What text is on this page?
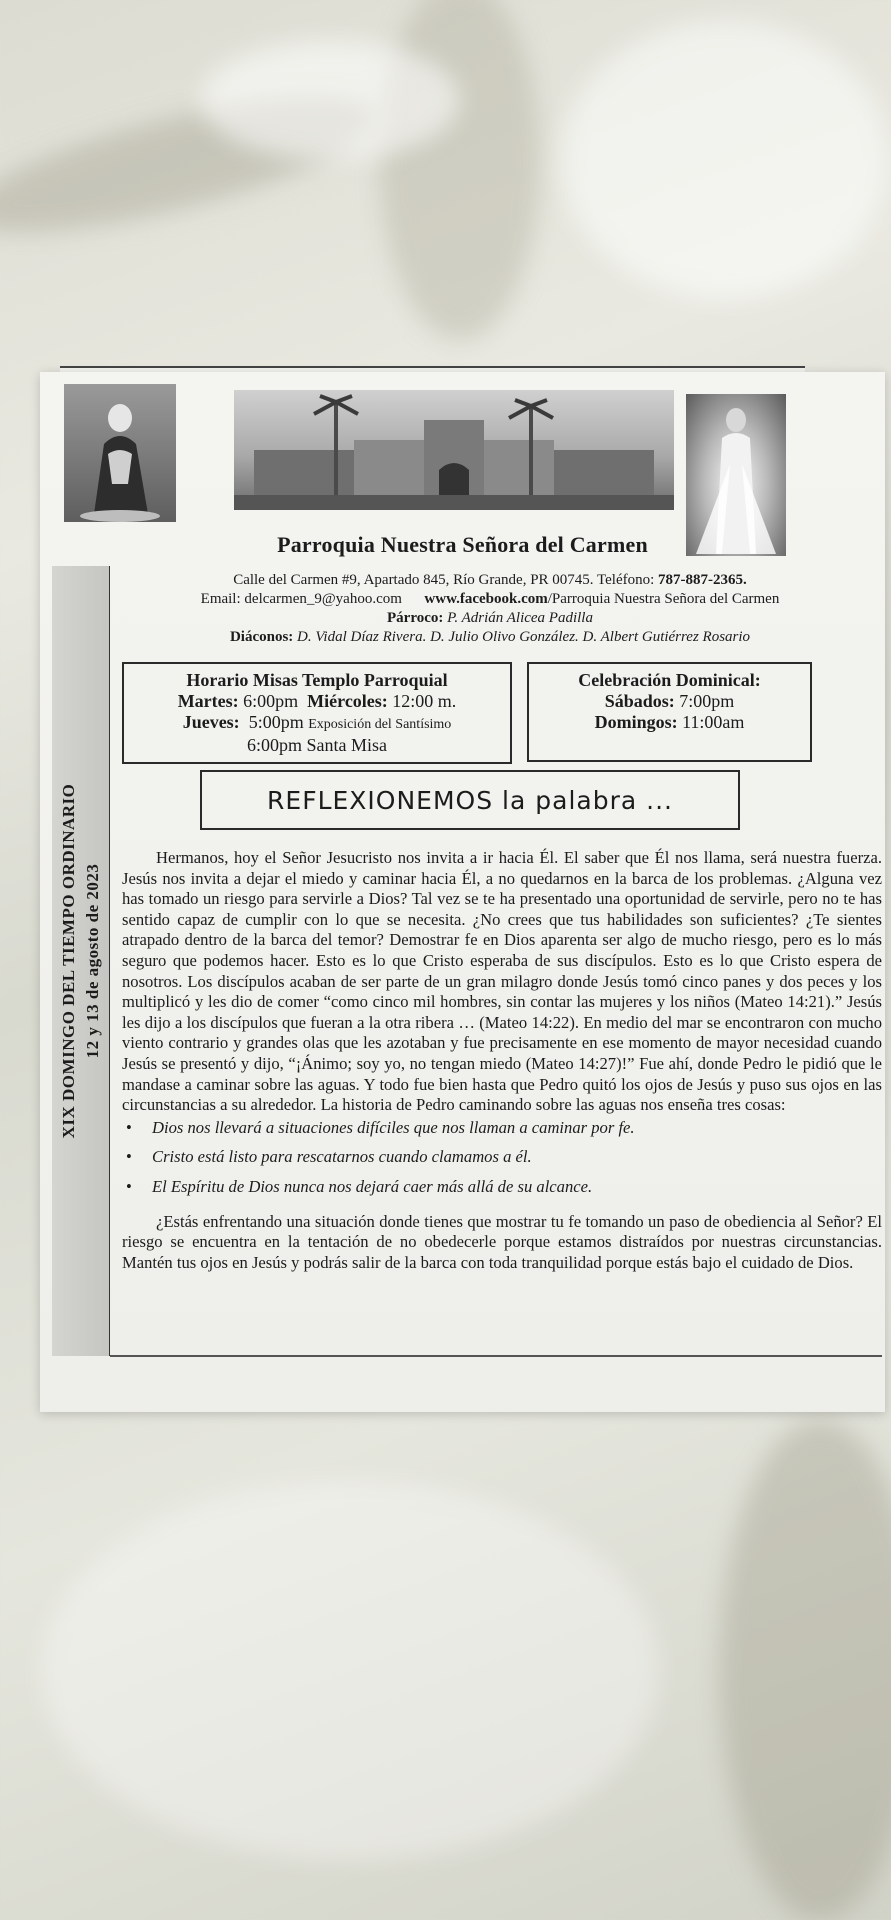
Parroquia Nuestra Señora del Carmen
Calle del Carmen #9, Apartado 845, Río Grande, PR 00745. Teléfono: 787-887-2365.
Email: delcarmen_9@yahoo.com www.facebook.com/Parroquia Nuestra Señora del Carmen
Párroco: P. Adrián Alicea Padilla
Diáconos: D. Vidal Díaz Rivera. D. Julio Olivo González. D. Albert Gutiérrez Rosario
XIX DOMINGO DEL TIEMPO ORDINARIO 12 y 13 de agosto de 2023
Horario Misas Templo Parroquial
Martes: 6:00pm Miércoles: 12:00 m.
Jueves: 5:00pm Exposición del Santísimo
6:00pm Santa Misa
Celebración Dominical:
Sábados: 7:00pm
Domingos: 11:00am
REFLEXIONEMOS la palabra ...

Hermanos, hoy el Señor Jesucristo nos invita a ir hacia Él. El saber que Él nos llama, será nuestra fuerza. Jesús nos invita a dejar el miedo y caminar hacia Él, a no quedarnos en la barca de los problemas. ¿Alguna vez has tomado un riesgo para servirle a Dios? Tal vez se te ha presentado una oportunidad de servirle, pero no te has sentido capaz de cumplir con lo que se necesita. ¿No crees que tus habilidades son suficientes? ¿Te sientes atrapado dentro de la barca del temor? Demostrar fe en Dios aparenta ser algo de mucho riesgo, pero es lo más seguro que podemos hacer. Esto es lo que Cristo esperaba de sus discípulos. Esto es lo que Cristo espera de nosotros. Los discípulos acaban de ser parte de un gran milagro donde Jesús tomó cinco panes y dos peces y los multiplicó y les dio de comer “como cinco mil hombres, sin contar las mujeres y los niños (Mateo 14:21).” Jesús les dijo a los discípulos que fueran a la otra ribera … (Mateo 14:22). En medio del mar se encontraron con mucho viento contrario y grandes olas que les azotaban y fue precisamente en ese momento de mayor necesidad cuando Jesús se presentó y dijo, “¡Ánimo; soy yo, no tengan miedo (Mateo 14:27)!” Fue ahí, donde Pedro le pidió que le mandase a caminar sobre las aguas. Y todo fue bien hasta que Pedro quitó los ojos de Jesús y puso sus ojos en las circunstancias a su alrededor. La historia de Pedro caminando sobre las aguas nos enseña tres cosas:

• Dios nos llevará a situaciones difíciles que nos llaman a caminar por fe.
• Cristo está listo para rescatarnos cuando clamamos a él.
• El Espíritu de Dios nunca nos dejará caer más allá de su alcance.

¿Estás enfrentando una situación donde tienes que mostrar tu fe tomando un paso de obediencia al Señor? El riesgo se encuentra en la tentación de no obedecerle porque estamos distraídos por nuestras circunstancias. Mantén tus ojos en Jesús y podrás salir de la barca con toda tranquilidad porque estás bajo el cuidado de Dios.
